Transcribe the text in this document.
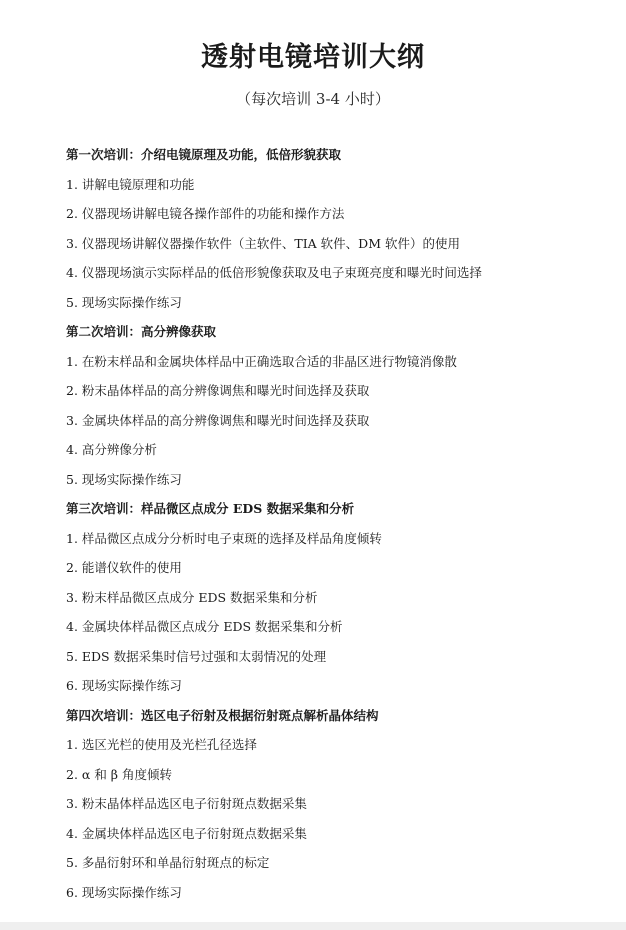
透射电镜培训大纲
（每次培训 3-4 小时）
第一次培训：介绍电镜原理及功能，低倍形貌获取
1. 讲解电镜原理和功能
2. 仪器现场讲解电镜各操作部件的功能和操作方法
3. 仪器现场讲解仪器操作软件（主软件、TIA 软件、DM 软件）的使用
4. 仪器现场演示实际样品的低倍形貌像获取及电子束斑亮度和曝光时间选择
5. 现场实际操作练习
第二次培训：高分辨像获取
1. 在粉末样品和金属块体样品中正确选取合适的非晶区进行物镜消像散
2. 粉末晶体样品的高分辨像调焦和曝光时间选择及获取
3. 金属块体样品的高分辨像调焦和曝光时间选择及获取
4. 高分辨像分析
5. 现场实际操作练习
第三次培训：样品微区点成分 EDS 数据采集和分析
1. 样品微区点成分分析时电子束斑的选择及样品角度倾转
2. 能谱仪软件的使用
3. 粉末样品微区点成分 EDS 数据采集和分析
4. 金属块体样品微区点成分 EDS 数据采集和分析
5. EDS 数据采集时信号过强和太弱情况的处理
6. 现场实际操作练习
第四次培训：选区电子衍射及根据衍射斑点解析晶体结构
1. 选区光栏的使用及光栏孔径选择
2. α 和 β 角度倾转
3. 粉末晶体样品选区电子衍射斑点数据采集
4. 金属块体样品选区电子衍射斑点数据采集
5. 多晶衍射环和单晶衍射斑点的标定
6. 现场实际操作练习
